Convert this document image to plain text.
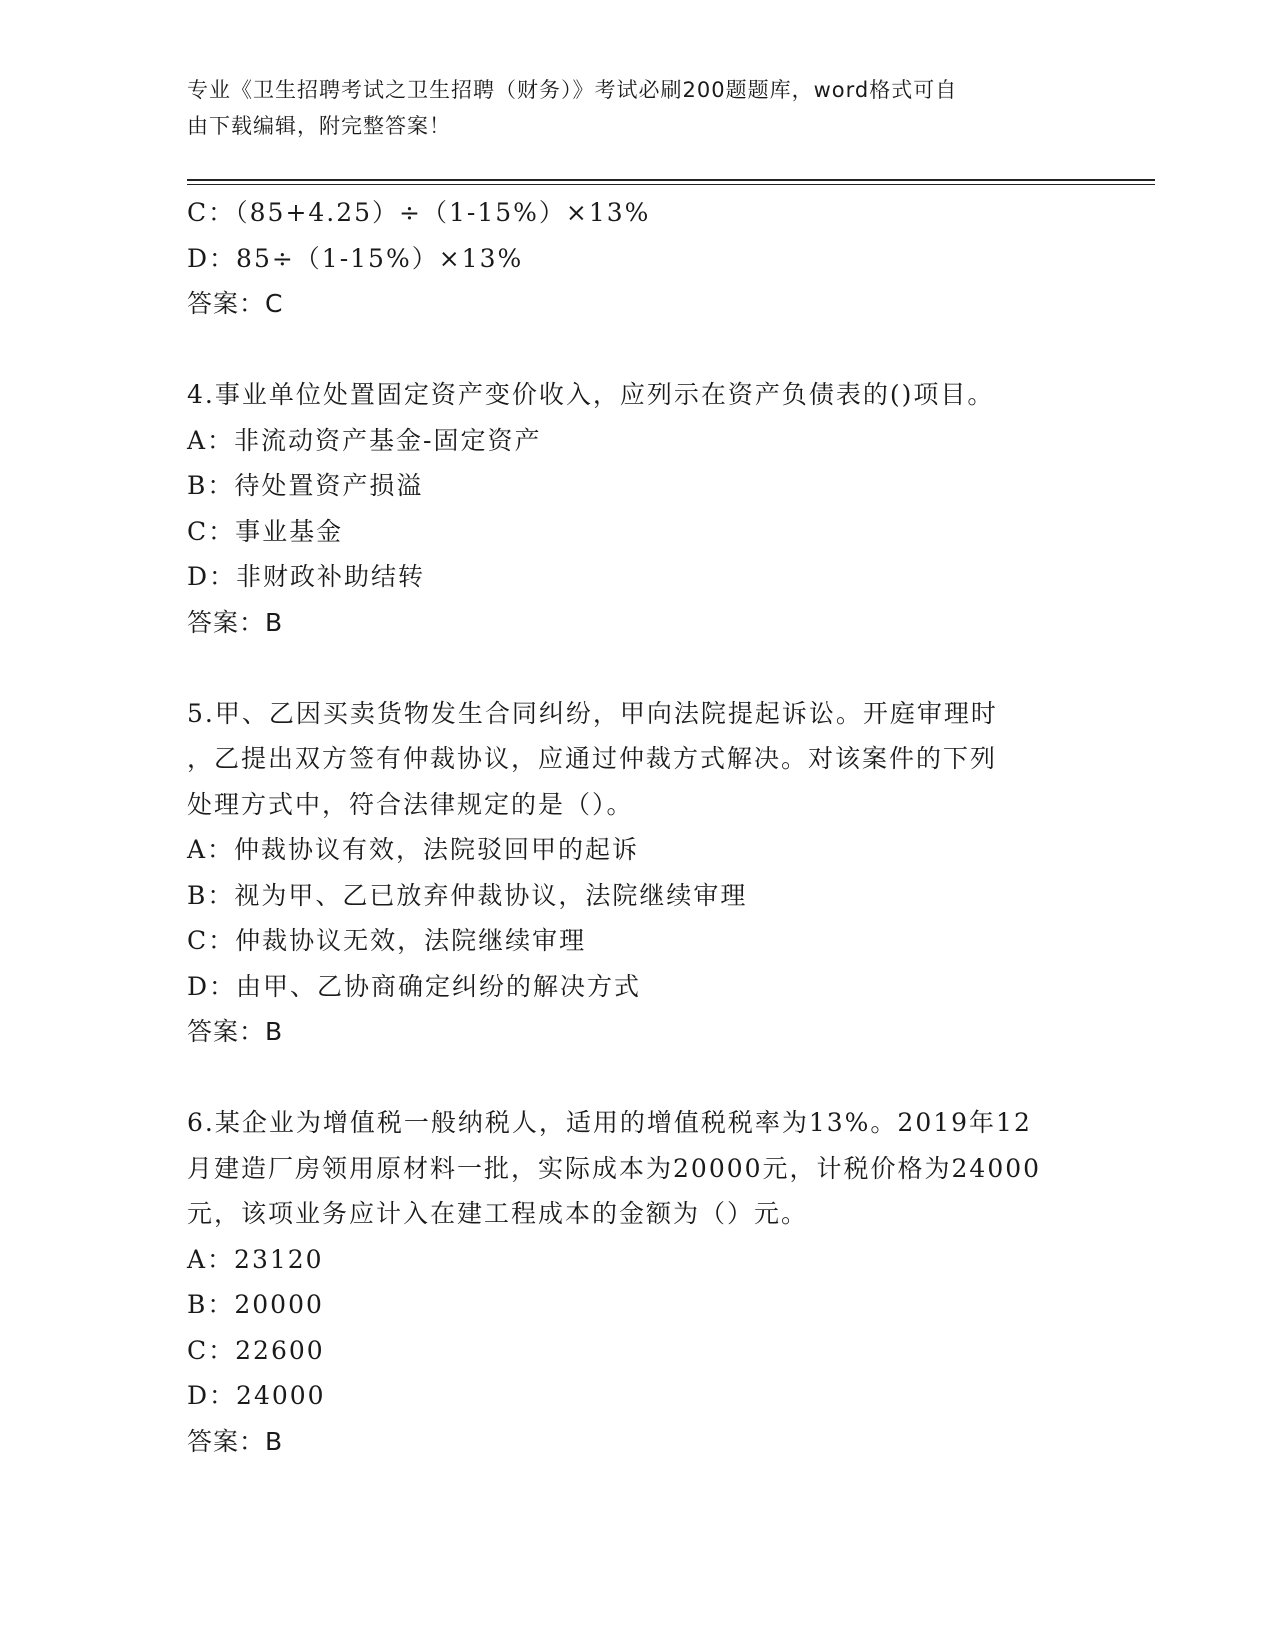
专业《卫生招聘考试之卫生招聘（财务）》考试必刷200题题库，word格式可自
由下载编辑，附完整答案！
C：（85+4.25）÷（1-15%）×13%
D：85÷（1-15%）×13%
答案：C
4.事业单位处置固定资产变价收入，应列示在资产负债表的()项目。
A：非流动资产基金-固定资产
B：待处置资产损溢
C：事业基金
D：非财政补助结转
答案：B
5.甲、乙因买卖货物发生合同纠纷，甲向法院提起诉讼。开庭审理时
，乙提出双方签有仲裁协议，应通过仲裁方式解决。对该案件的下列
处理方式中，符合法律规定的是（）。
A：仲裁协议有效，法院驳回甲的起诉
B：视为甲、乙已放弃仲裁协议，法院继续审理
C：仲裁协议无效，法院继续审理
D：由甲、乙协商确定纠纷的解决方式
答案：B
6.某企业为增值税一般纳税人，适用的增值税税率为13%。2019年12
月建造厂房领用原材料一批，实际成本为20000元，计税价格为24000
元，该项业务应计入在建工程成本的金额为（）元。
A：23120
B：20000
C：22600
D：24000
答案：B
